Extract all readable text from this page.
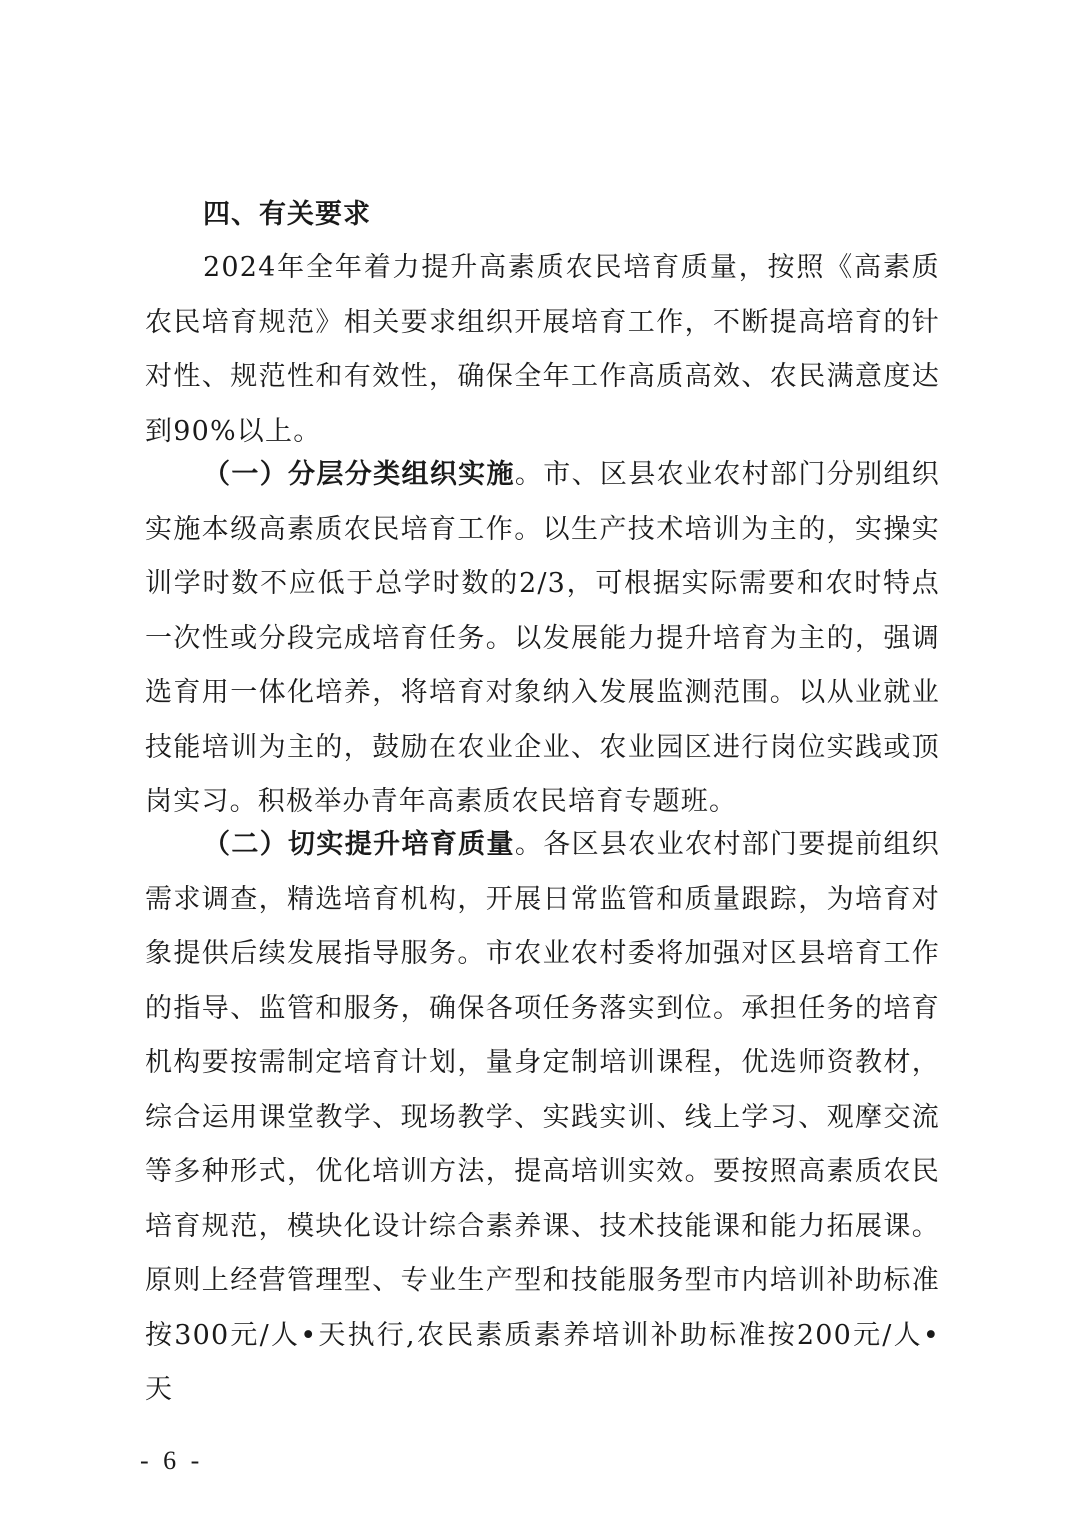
四、有关要求

2024年全年着力提升高素质农民培育质量，按照《高素质农民培育规范》相关要求组织开展培育工作，不断提高培育的针对性、规范性和有效性，确保全年工作高质高效、农民满意度达到90%以上。

（一）分层分类组织实施。市、区县农业农村部门分别组织实施本级高素质农民培育工作。以生产技术培训为主的，实操实训学时数不应低于总学时数的2/3，可根据实际需要和农时特点一次性或分段完成培育任务。以发展能力提升培育为主的，强调选育用一体化培养，将培育对象纳入发展监测范围。以从业就业技能培训为主的，鼓励在农业企业、农业园区进行岗位实践或顶岗实习。积极举办青年高素质农民培育专题班。

（二）切实提升培育质量。各区县农业农村部门要提前组织需求调查，精选培育机构，开展日常监管和质量跟踪，为培育对象提供后续发展指导服务。市农业农村委将加强对区县培育工作的指导、监管和服务，确保各项任务落实到位。承担任务的培育机构要按需制定培育计划，量身定制培训课程，优选师资教材，综合运用课堂教学、现场教学、实践实训、线上学习、观摩交流等多种形式，优化培训方法，提高培训实效。要按照高素质农民培育规范，模块化设计综合素养课、技术技能课和能力拓展课。原则上经营管理型、专业生产型和技能服务型市内培训补助标准按300元/人•天执行,农民素质素养培训补助标准按200元/人•天

- 6 -
